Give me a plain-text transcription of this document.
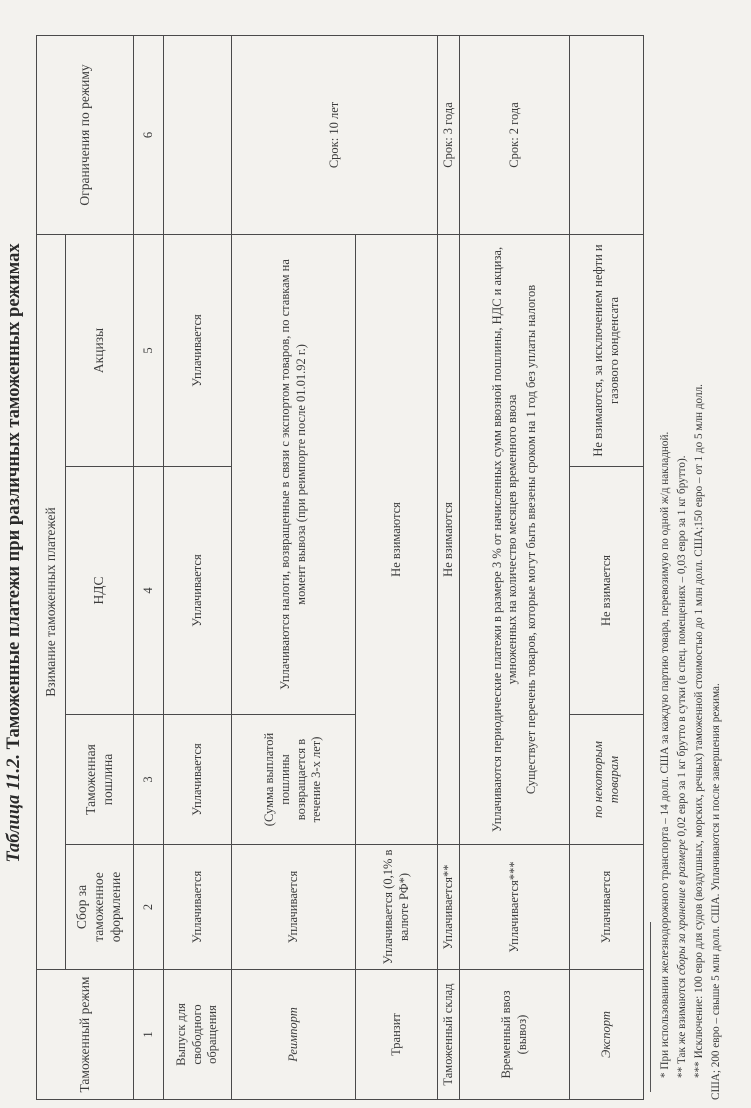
Таблица 11.2. Таможенные платежи при различных таможенных режимах
Таможенный режим	Взимание таможенных платежей				Ограничения по режиму
	Сбор за таможенное оформление	Таможенная пошлина	НДС	Акцизы	
1	2	3	4	5	6
Выпуск для свободного обращения	Уплачивается	Уплачивается	Уплачивается	Уплачивается	
Реимпорт	Уплачивается	(Сумма выплатой пошлины возвращается в течение 3-х лет)	Уплачиваются налоги, возвращенные в связи с экспортом товаров, по ставкам на момент вывоза (при реимпорте после 01.01.92 г.)		Срок: 10 лет
Транзит	Уплачивается (0,1% в валюте РФ*)	Не взимаются			
Таможенный склад	Уплачивается**	Не взимаются			Срок: 3 года
Временный ввоз (вывоз)	Уплачивается***	Уплачиваются периодические платежи в размере 3 % от начисленных сумм ввозной пошлины, НДС и акциза, умноженных на количество месяцев временного ввоза Существует перечень товаров, которые могут быть ввезены сроком на 1 год без уплаты налогов			Срок: 2 года
Экспорт	Уплачивается	по некоторым товарам	Не взимается	Не взимаются, за исключением нефти и газового конденсата	

* При использовании железнодорожного транспорта – 14 долл. США за каждую партию товара, перевозимую по одной ж/д накладной. ** Так же взимаются сборы за хранение в размере 0,02 евро за 1 кг брутто в сутки (в спец. помещениях – 0,03 евро за 1 кг брутто). *** Исключение: 100 евро для судов (воздушных, морских, речных) таможенной стоимостью до 1 млн долл. США;150 евро – от 1 до 5 млн долл. США; 200 евро – свыше 5 млн долл. США. Уплачиваются и после завершения режима.
